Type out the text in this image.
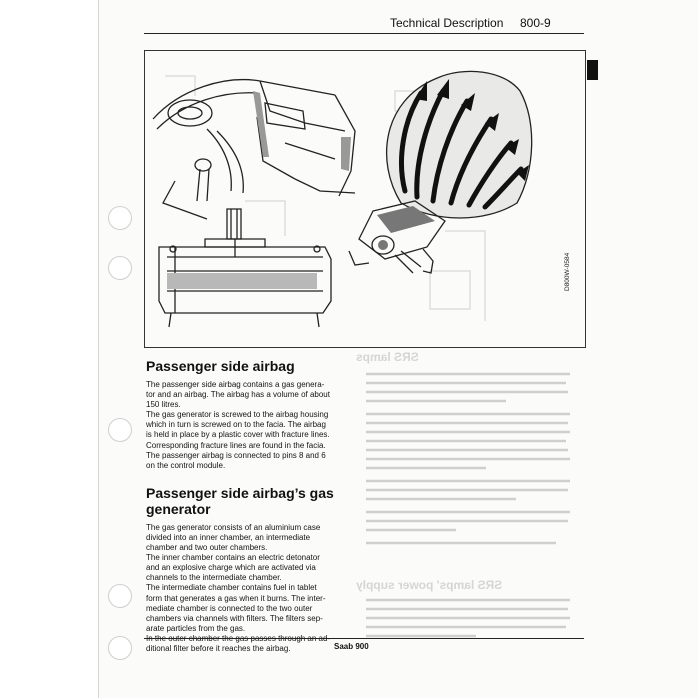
Technical Description 800-9
D800W-0584
Passenger side airbag

The passenger side airbag contains a gas genera-

tor and an airbag. The airbag has a volume of about

150 litres.

The gas generator is screwed to the airbag housing

which in turn is screwed on to the facia. The airbag

is held in place by a plastic cover with fracture lines.

Corresponding fracture lines are found in the facia.

The passenger airbag is connected to pins 8 and 6

on the control module.

Passenger side airbag’s gas
generator

The gas generator consists of an aluminium case

divided into an inner chamber, an intermediate

chamber and two outer chambers.

The inner chamber contains an electric detonator

and an explosive charge which are activated via

channels to the intermediate chamber.

The intermediate chamber contains fuel in tablet

form that generates a gas when it burns. The inter-

mediate chamber is connected to the two outer

chambers via channels with filters. The filters sep-

arate particles from the gas.

ditional filter before it reaches the airbag.

SRS lamps
SRS lamps' power supply
Saab 900
